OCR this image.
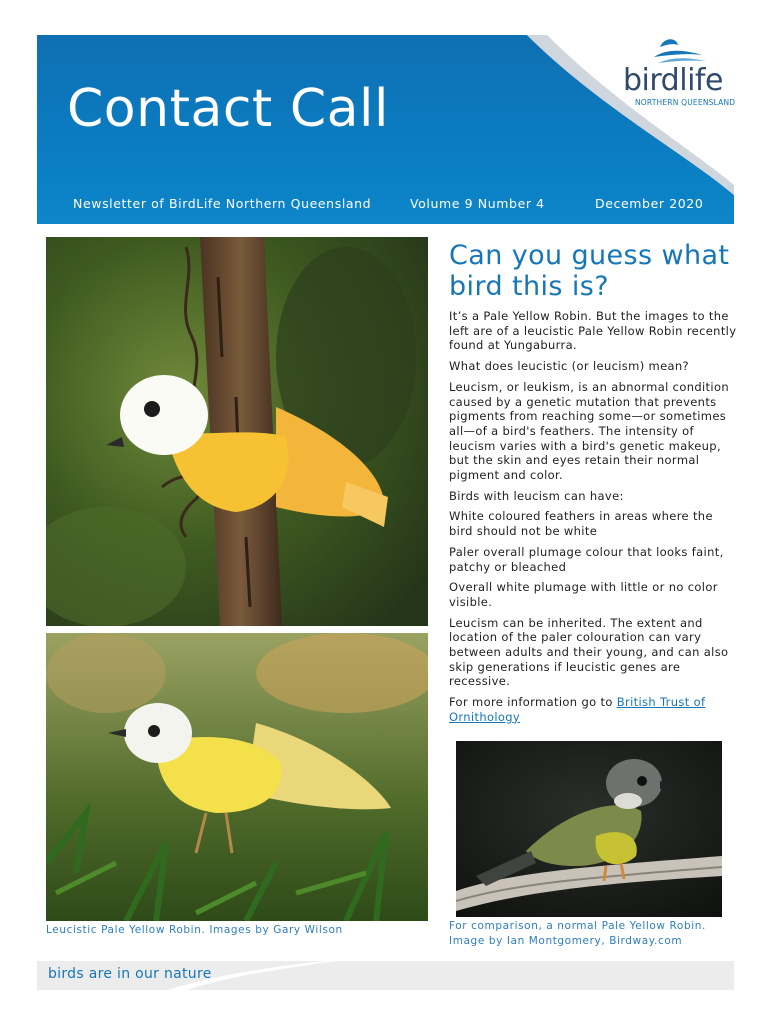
Contact Call
Newsletter of BirdLife Northern Queensland	Volume 9 Number 4	December 2020
birdlife
NORTHERN QUEENSLAND
Leucistic Pale Yellow Robin. Images by Gary Wilson
Can you guess what bird this is?

It’s a Pale Yellow Robin. But the images to the left are of a leucistic Pale Yellow Robin recently found at Yungaburra.

What does leucistic (or leucism) mean?

Leucism, or leukism, is an abnormal condition caused by a genetic mutation that prevents pigments from reaching some—or sometimes all—of a bird's feathers. The intensity of leucism varies with a bird's genetic makeup, but the skin and eyes retain their normal pigment and color.

Birds with leucism can have:

White coloured feathers in areas where the bird should not be white

Paler overall plumage colour that looks faint, patchy or bleached

Overall white plumage with little or no color visible.

Leucism can be inherited. The extent and location of the paler colouration can vary between adults and their young, and can also skip generations if leucistic genes are recessive.

For more information go to British Trust of Ornithology

For comparison, a normal Pale Yellow Robin.
Image by Ian Montgomery, Birdway.com
birds are in our nature
